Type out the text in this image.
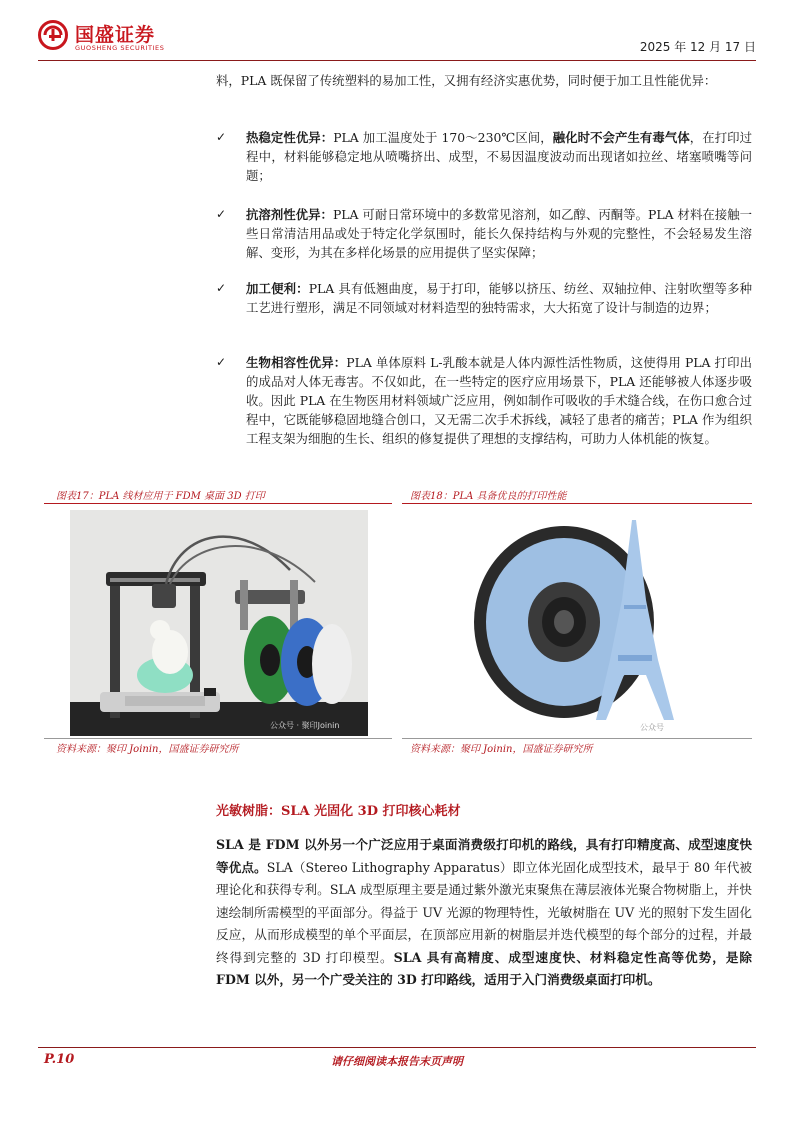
国盛证券
GUOSHENG SECURITIES	2025 年 12 月 17 日
料，PLA 既保留了传统塑料的易加工性，又拥有经济实惠优势，同时便于加工且性能优异：
✓ 热稳定性优异：PLA 加工温度处于 170～230℃区间，融化时不会产生有毒气体，在打印过程中，材料能够稳定地从喷嘴挤出、成型，不易因温度波动而出现诸如拉丝、堵塞喷嘴等问题；
✓ 抗溶剂性优异：PLA 可耐日常环境中的多数常见溶剂，如乙醇、丙酮等。PLA 材料在接触一些日常清洁用品或处于特定化学氛围时，能长久保持结构与外观的完整性，不会轻易发生溶解、变形，为其在多样化场景的应用提供了坚实保障；
✓ 加工便利：PLA 具有低翘曲度，易于打印，能够以挤压、纺丝、双轴拉伸、注射吹塑等多种工艺进行塑形，满足不同领域对材料造型的独特需求，大大拓宽了设计与制造的边界；
✓ 生物相容性优异：PLA 单体原料 L-乳酸本就是人体内源性活性物质，这使得用 PLA 打印出的成品对人体无毒害。不仅如此，在一些特定的医疗应用场景下，PLA 还能够被人体逐步吸收。因此 PLA 在生物医用材料领域广泛应用，例如制作可吸收的手术缝合线，在伤口愈合过程中，它既能够稳固地缝合创口，又无需二次手术拆线，减轻了患者的痛苦；PLA 作为组织工程支架为细胞的生长、组织的修复提供了理想的支撑结构，可助力人体机能的恢复。
图表17：PLA 线材应用于 FDM 桌面 3D 打印
公众号 · 聚印Joinin
资料来源：聚印 Joinin，国盛证券研究所
图表18：PLA 具备优良的打印性能
公众号
资料来源：聚印 Joinin，国盛证券研究所
光敏树脂：SLA 光固化 3D 打印核心耗材
SLA 是 FDM 以外另一个广泛应用于桌面消费级打印机的路线，具有打印精度高、成型速度快等优点。SLA（Stereo Lithography Apparatus）即立体光固化成型技术，最早于 80 年代被理论化和获得专利。SLA 成型原理主要是通过紫外激光束聚焦在薄层液体光聚合物树脂上，并快速绘制所需模型的平面部分。得益于 UV 光源的物理特性，光敏树脂在 UV 光的照射下发生固化反应，从而形成模型的单个平面层，在顶部应用新的树脂层并迭代模型的每个部分的过程，并最终得到完整的 3D 打印模型。SLA 具有高精度、成型速度快、材料稳定性高等优势，是除 FDM 以外，另一个广受关注的 3D 打印路线，适用于入门消费级桌面打印机。
P.10	请仔细阅读本报告末页声明
